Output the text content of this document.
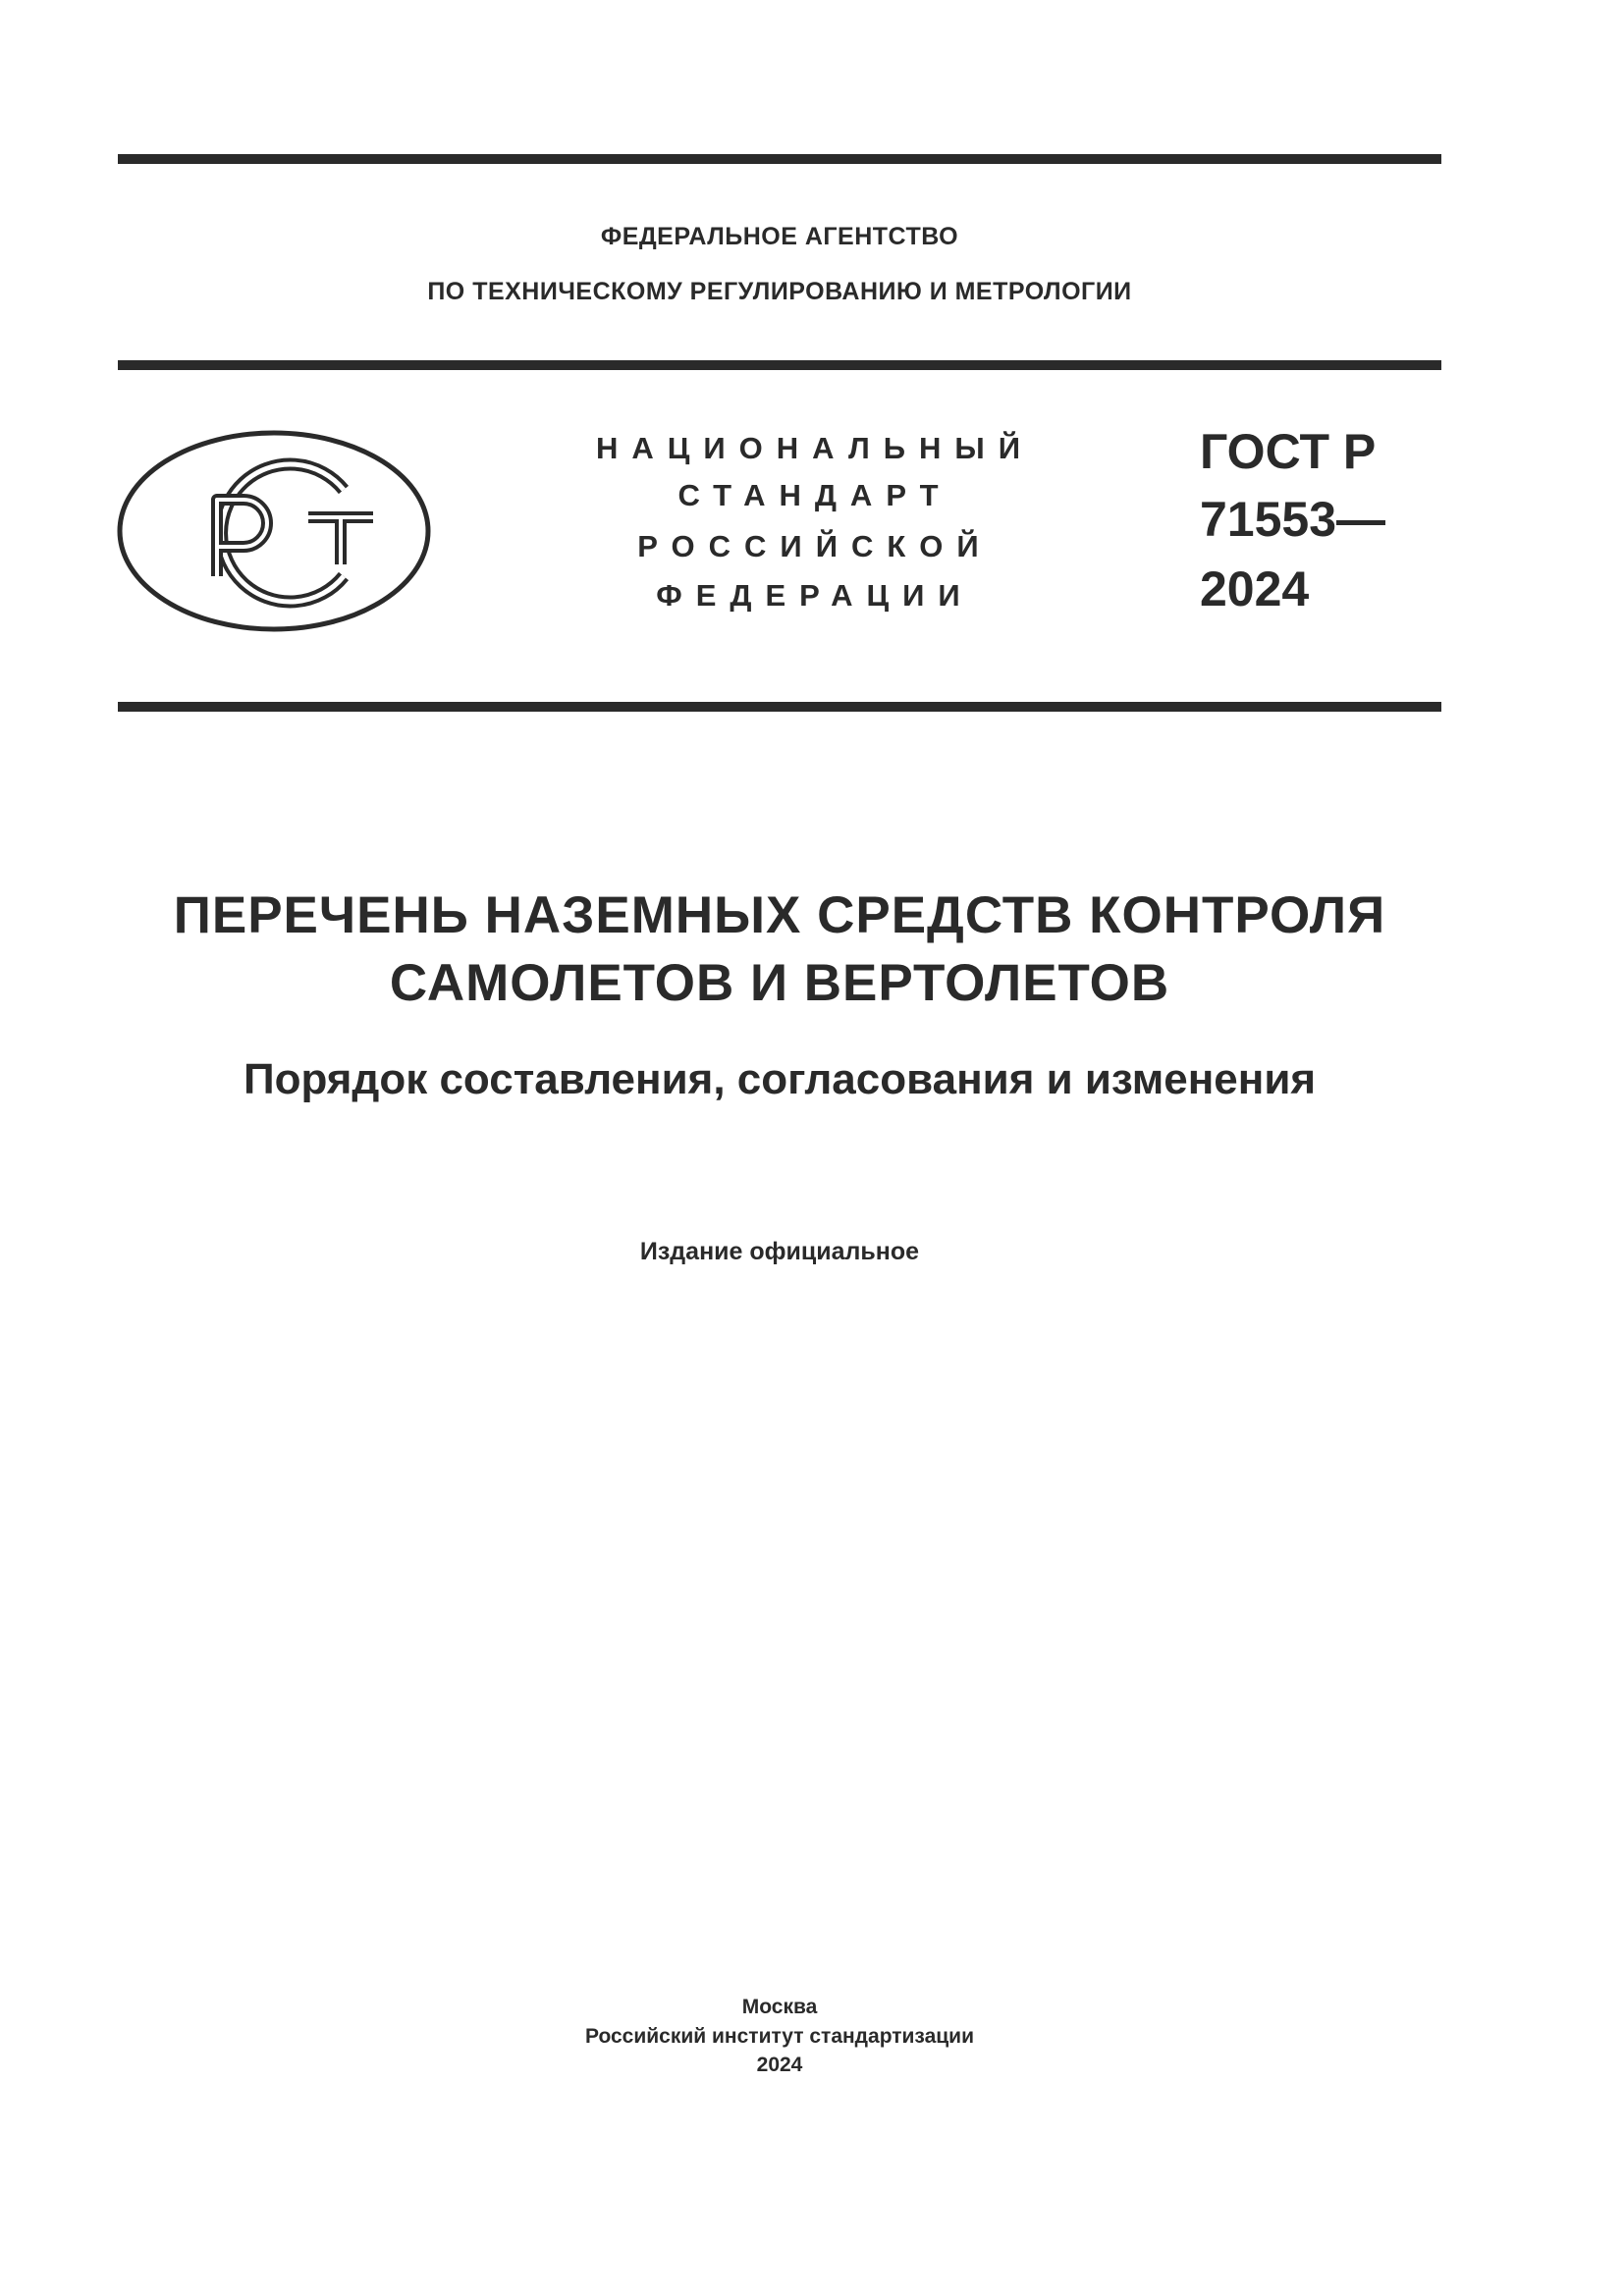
ФЕДЕРАЛЬНОЕ АГЕНТСТВО
ПО ТЕХНИЧЕСКОМУ РЕГУЛИРОВАНИЮ И МЕТРОЛОГИИ
НАЦИОНАЛЬНЫЙ
СТАНДАРТ
РОССИЙСКОЙ
ФЕДЕРАЦИИ
ГОСТ Р
71553—
2024
ПЕРЕЧЕНЬ НАЗЕМНЫХ СРЕДСТВ КОНТРОЛЯ
САМОЛЕТОВ И ВЕРТОЛЕТОВ
Порядок составления, согласования и изменения
Издание официальное
Москва
Российский институт стандартизации
2024
